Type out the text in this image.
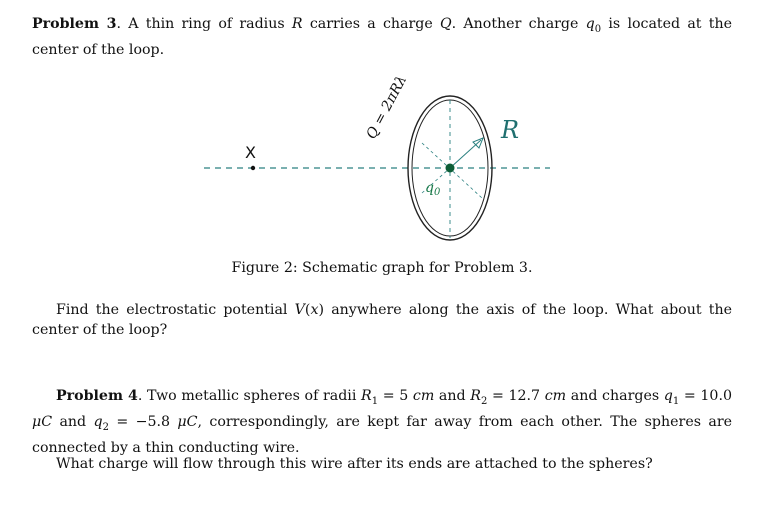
Problem 3. A thin ring of radius R carries a charge Q. Another charge $q_0$ is located at the center of the loop.

X
R
$q_0$
Q = 2πRλ
Figure 2: Schematic graph for Problem 3.

Find the electrostatic potential V(x) anywhere along the axis of the loop. What about the center of the loop?

Problem 4. Two metallic spheres of radii $R_1 = 5$ cm and $R_2 = 12.7$ cm and charges $q_1 = 10.0$ μC and $q_2 = -5.8$ μC, correspondingly, are kept far away from each other. The spheres are connected by a thin conducting wire.

What charge will flow through this wire after its ends are attached to the spheres?
